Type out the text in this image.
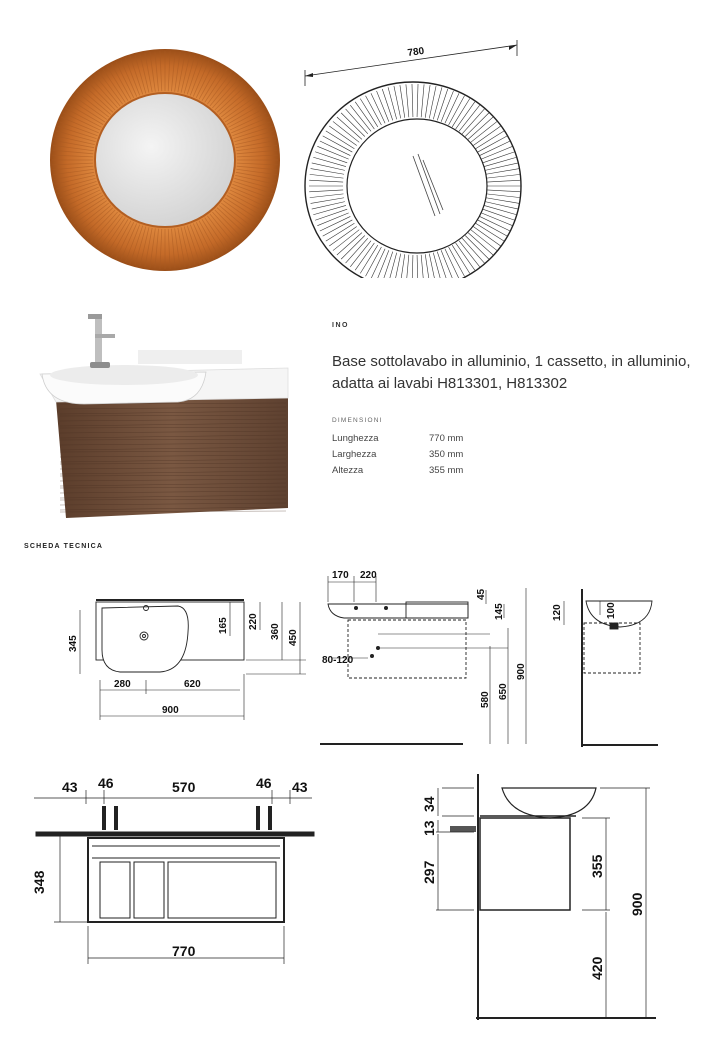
780
INO
Base sottolavabo in alluminio, 1 cassetto, in alluminio, adatta ai lavabi H813301, H813302
DIMENSIONI
Lunghezza	770 mm
Larghezza	350 mm
Altezza	355 mm
SCHEDA TECNICA
345
165 220
360 450
280	620
900
170 220
45
145
80-120
580 650
900
120	100
43 46	570	46 43
348
770
34
13
297	355
900
420
